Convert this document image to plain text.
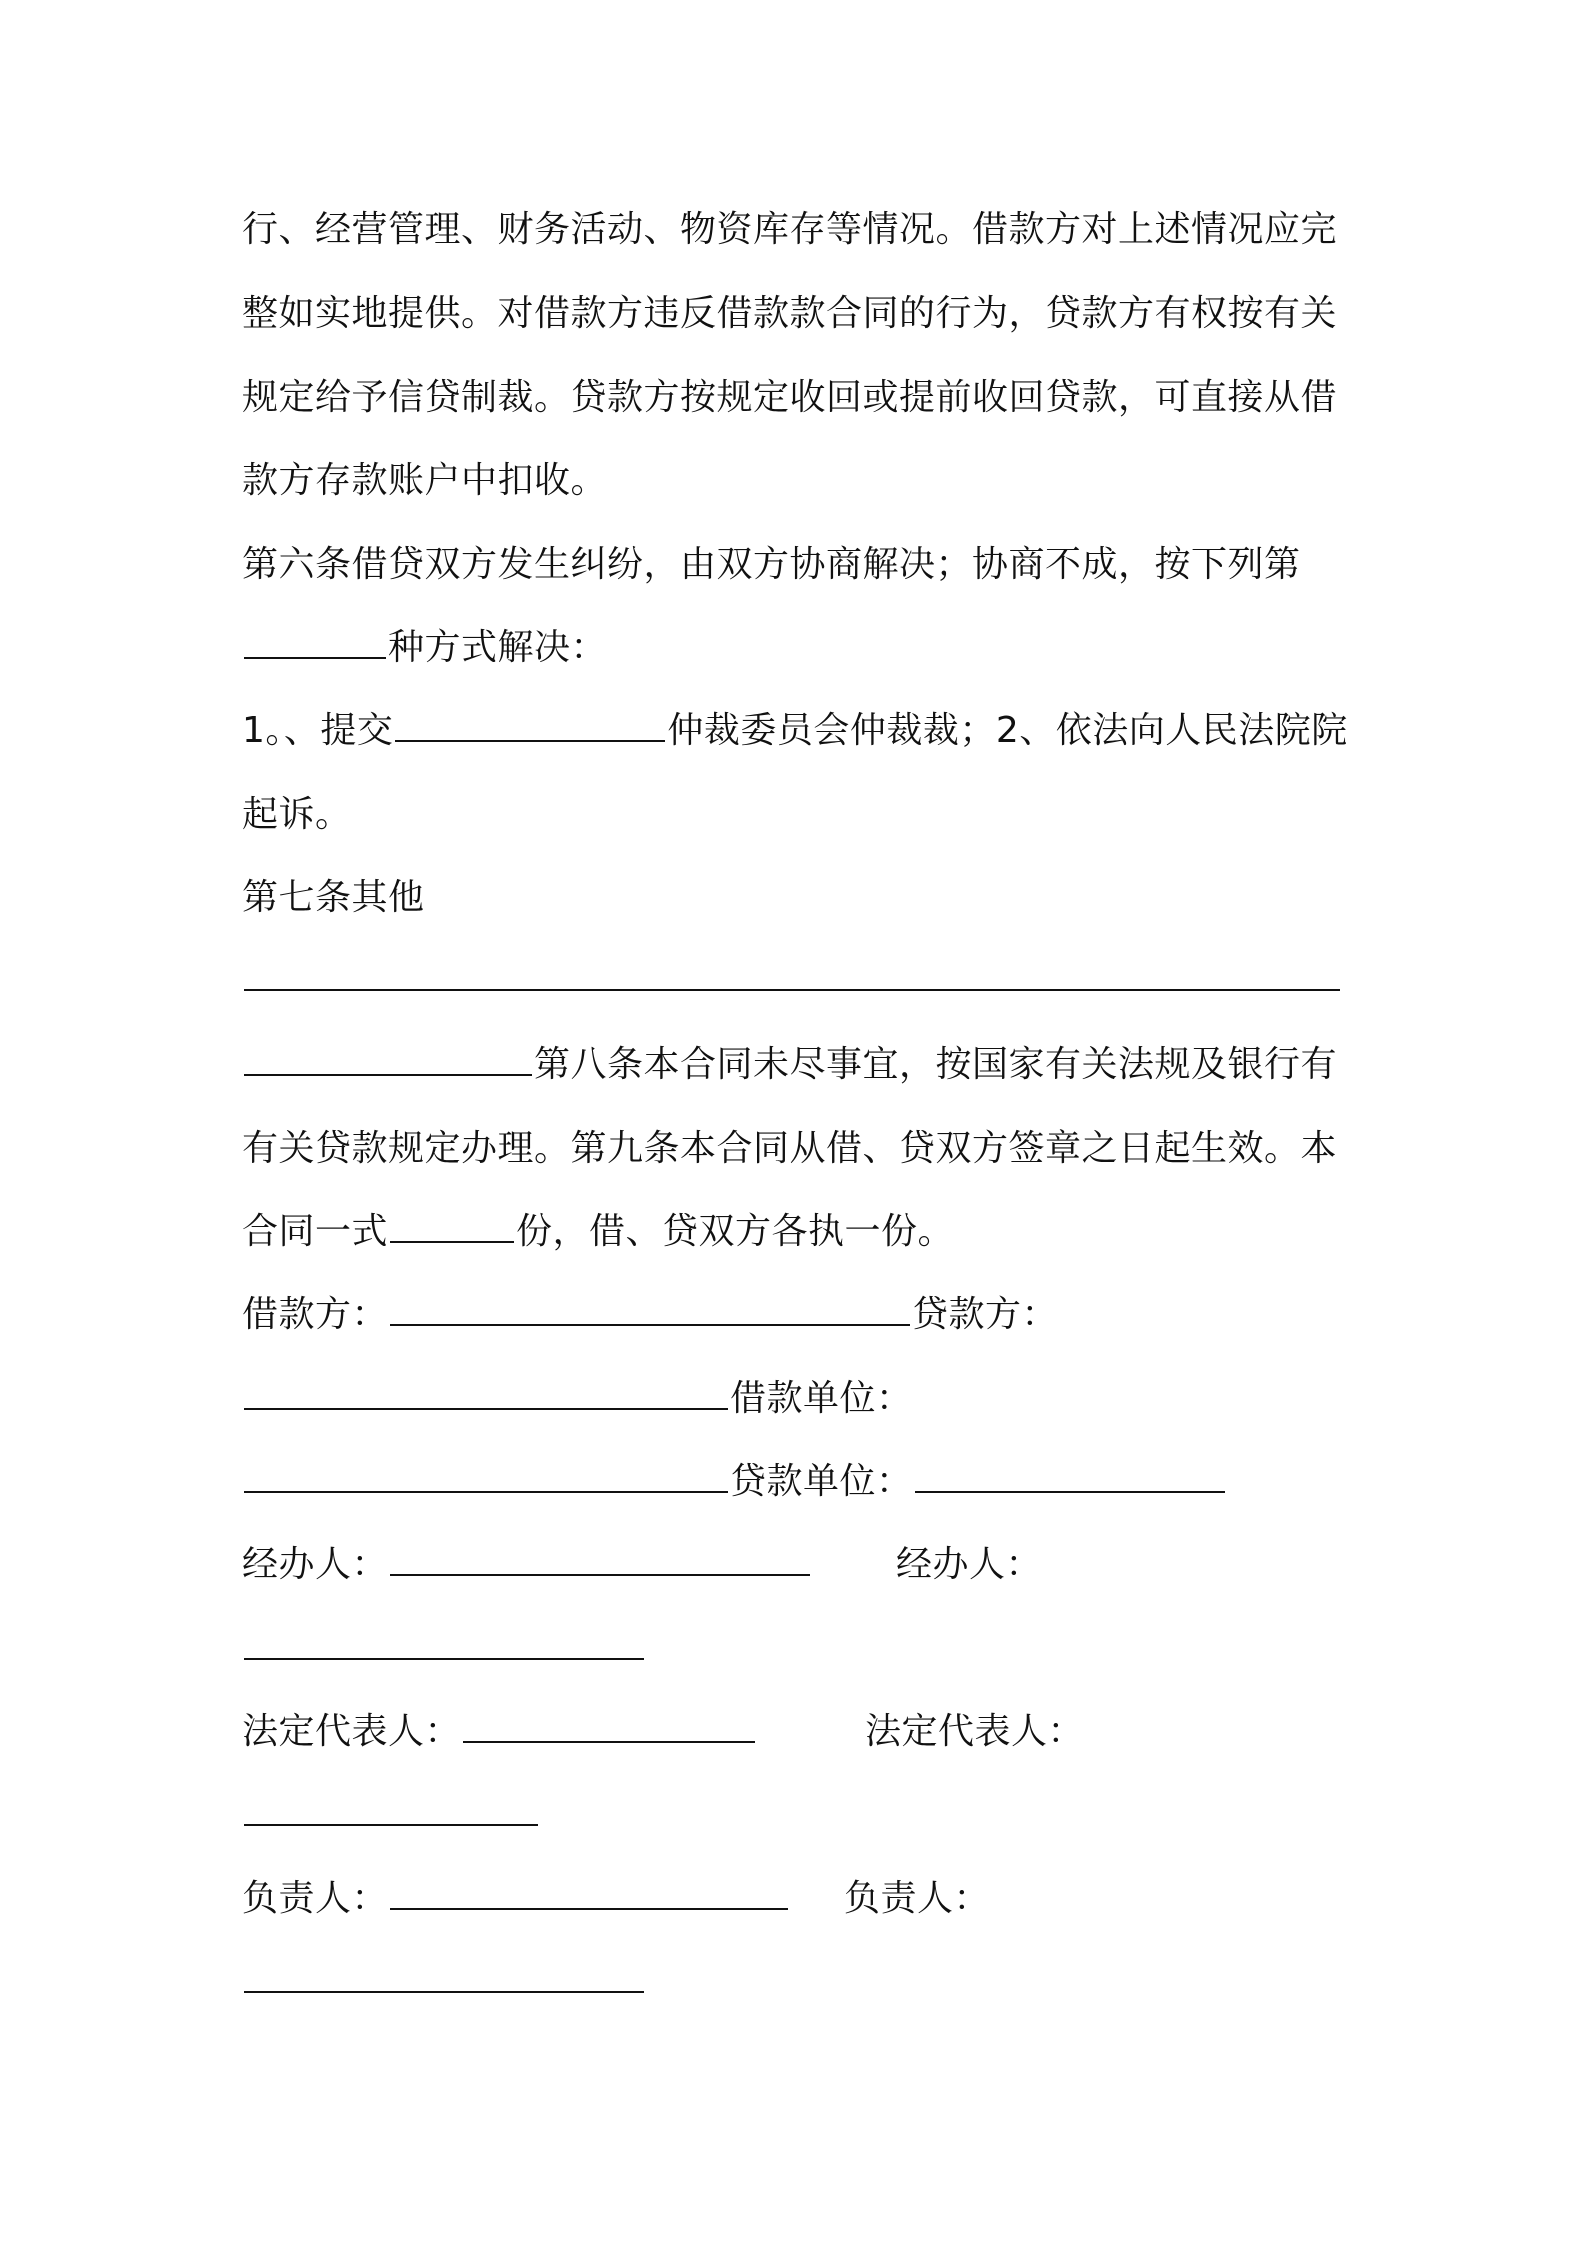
行、经营管理、财务活动、物资库存等情况。借款方对上述情况应完

整如实地提供。对借款方违反借款款合同的行为，贷款方有权按有关

规定给予信贷制裁。贷款方按规定收回或提前收回贷款，可直接从借

款方存款账户中扣收。

第六条借贷双方发生纠纷，由双方协商解决；协商不成，按下列第

种方式解决：

1。、提交	仲裁委员会仲裁裁；2、依法向人民法院院

起诉。

第七条其他

第八条本合同未尽事宜，按国家有关法规及银行有

有关贷款规定办理。第九条本合同从借、贷双方签章之日起生效。本

合同一式	份，借、贷双方各执一份。

借款方：	贷款方：

借款单位：

贷款单位：

经办人：	经办人：

法定代表人：	法定代表人：

负责人：	负责人：
